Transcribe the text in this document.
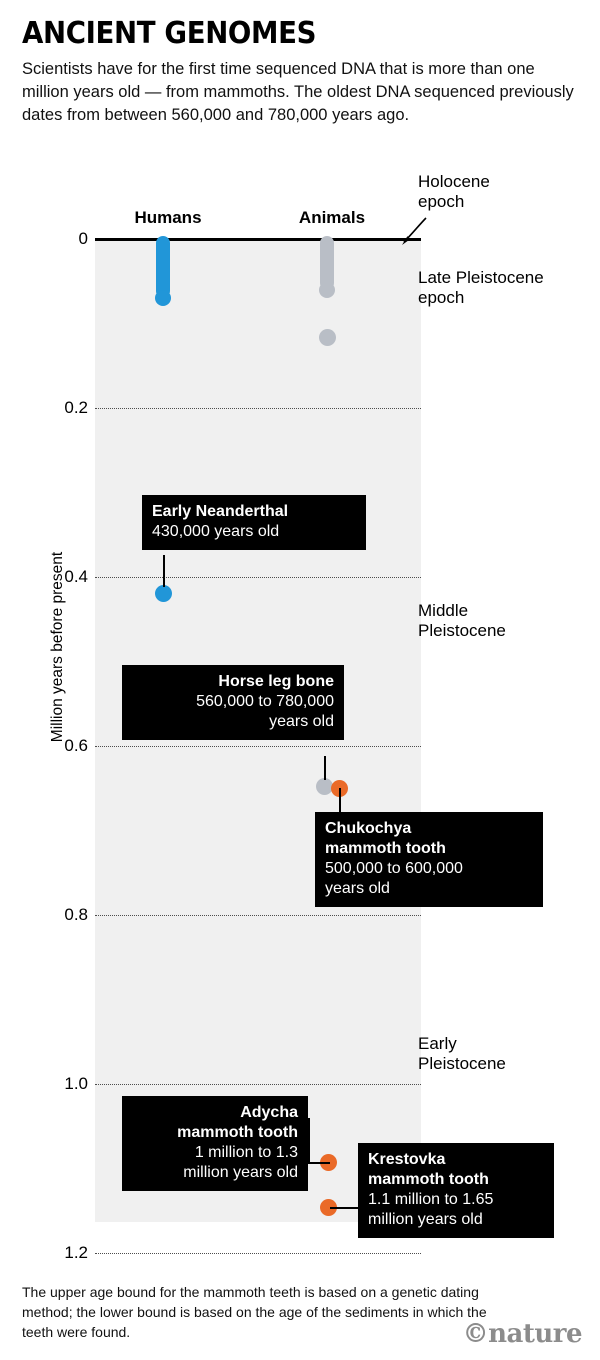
ANCIENT GENOMES

Scientists have for the first time sequenced DNA that is more than one million years old — from mammoths. The oldest DNA sequenced previously dates from between 560,000 and 780,000 years ago.

0
0.2
0.4
0.6
0.8
1.0
1.2
Million years before present
Humans	Animals
Holocene
epoch
Late Pleistocene
epoch
Middle
Pleistocene
Early
Pleistocene
Early Neanderthal
430,000 years old
Horse leg bone
560,000 to 780,000
years old
Chukochya
mammoth tooth
500,000 to 600,000
years old
Adycha
mammoth tooth
1 million to 1.3
million years old
Krestovka
mammoth tooth
1.1 million to 1.65
million years old

The upper age bound for the mammoth teeth is based on a genetic dating method; the lower bound is based on the age of the sediments in which the teeth were found.	©nature
